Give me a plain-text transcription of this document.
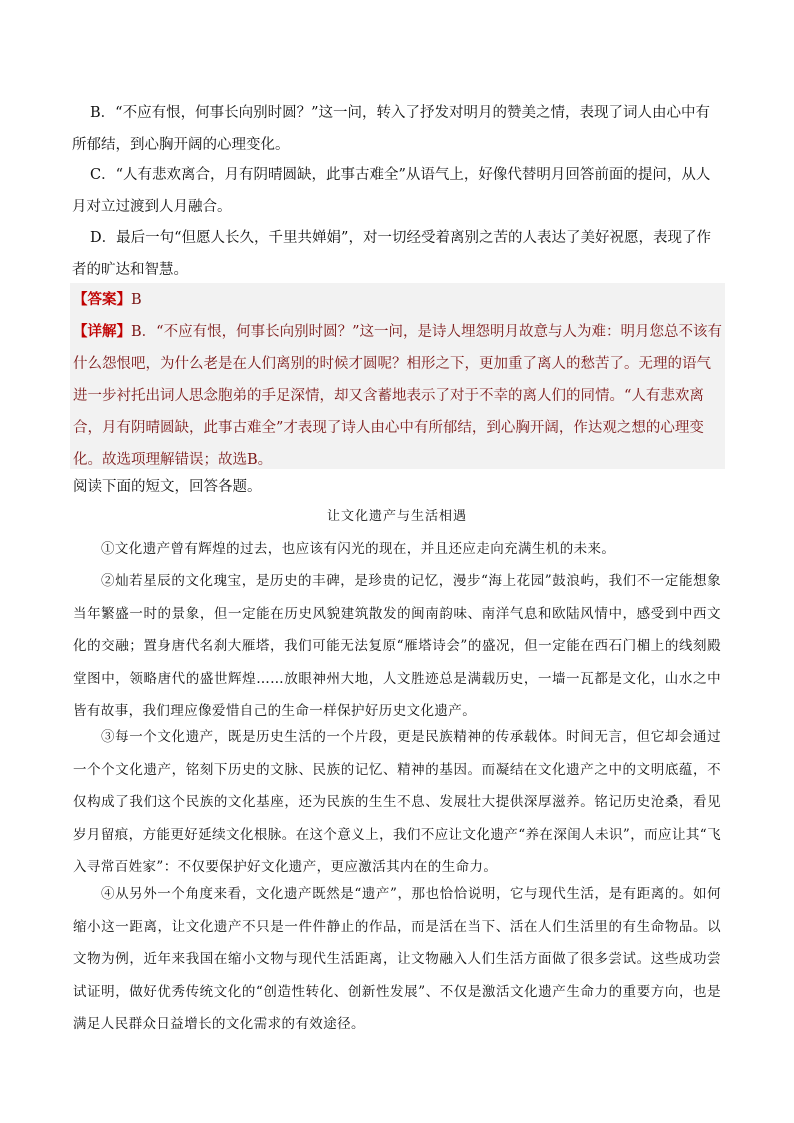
B．“不应有恨，何事长向别时圆？”这一问，转入了抒发对明月的赞美之情，表现了词人由心中有所郁结，到心胸开阔的心理变化。
C．“人有悲欢离合，月有阴晴圆缺，此事古难全”从语气上，好像代替明月回答前面的提问，从人月对立过渡到人月融合。
D．最后一句“但愿人长久，千里共婵娟”，对一切经受着离别之苦的人表达了美好祝愿，表现了作者的旷达和智慧。
【答案】B
【详解】B．“不应有恨，何事长向别时圆？”这一问，是诗人埋怨明月故意与人为难：明月您总不该有什么怨恨吧，为什么老是在人们离别的时候才圆呢？相形之下，更加重了离人的愁苦了。无理的语气进一步衬托出词人思念胞弟的手足深情，却又含蓄地表示了对于不幸的离人们的同情。“人有悲欢离合，月有阴晴圆缺，此事古难全”才表现了诗人由心中有所郁结，到心胸开阔，作达观之想的心理变化。故选项理解错误；故选B。
阅读下面的短文，回答各题。
让文化遗产与生活相遇
①文化遗产曾有辉煌的过去，也应该有闪光的现在，并且还应走向充满生机的未来。
②灿若星辰的文化瑰宝，是历史的丰碑，是珍贵的记忆，漫步“海上花园”鼓浪屿，我们不一定能想象当年繁盛一时的景象，但一定能在历史风貌建筑散发的闽南韵味、南洋气息和欧陆风情中，感受到中西文化的交融；置身唐代名刹大雁塔，我们可能无法复原“雁塔诗会”的盛况，但一定能在西石门楣上的线刻殿堂图中，领略唐代的盛世辉煌……放眼神州大地，人文胜迹总是满载历史，一墙一瓦都是文化，山水之中皆有故事，我们理应像爱惜自己的生命一样保护好历史文化遗产。
③每一个文化遗产，既是历史生活的一个片段，更是民族精神的传承载体。时间无言，但它却会通过一个个文化遗产，铭刻下历史的文脉、民族的记忆、精神的基因。而凝结在文化遗产之中的文明底蕴，不仅构成了我们这个民族的文化基座，还为民族的生生不息、发展壮大提供深厚滋养。铭记历史沧桑，看见岁月留痕，方能更好延续文化根脉。在这个意义上，我们不应让文化遗产“养在深闺人未识”，而应让其“飞入寻常百姓家”：不仅要保护好文化遗产，更应激活其内在的生命力。
④从另外一个角度来看，文化遗产既然是“遗产”，那也恰恰说明，它与现代生活，是有距离的。如何缩小这一距离，让文化遗产不只是一件件静止的作品，而是活在当下、活在人们生活里的有生命物品。以文物为例，近年来我国在缩小文物与现代生活距离，让文物融入人们生活方面做了很多尝试。这些成功尝试证明，做好优秀传统文化的“创造性转化、创新性发展”、不仅是激活文化遗产生命力的重要方向，也是满足人民群众日益增长的文化需求的有效途径。
